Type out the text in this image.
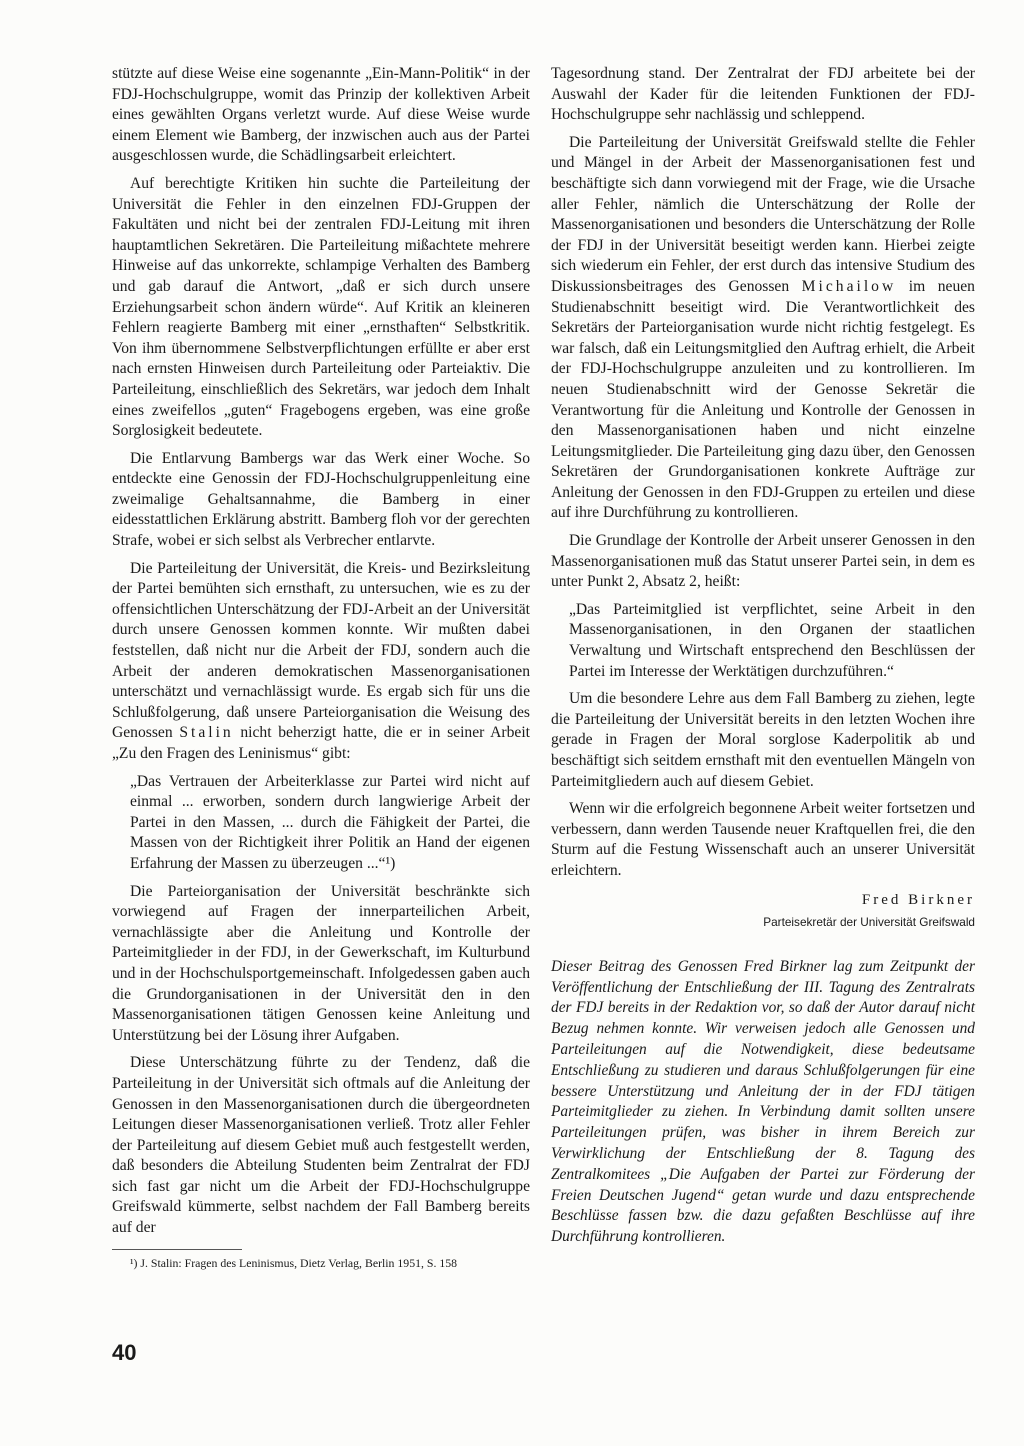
stützte auf diese Weise eine sogenannte „Ein-Mann-Politik“ in der FDJ-Hochschulgruppe, womit das Prinzip der kollektiven Arbeit eines gewählten Organs verletzt wurde. Auf diese Weise wurde einem Element wie Bamberg, der inzwischen auch aus der Partei ausgeschlossen wurde, die Schädlingsarbeit erleichtert.

Auf berechtigte Kritiken hin suchte die Parteileitung der Universität die Fehler in den einzelnen FDJ-Gruppen der Fakultäten und nicht bei der zentralen FDJ-Leitung mit ihren hauptamtlichen Sekretären. Die Parteileitung mißachtete mehrere Hinweise auf das unkorrekte, schlampige Verhalten des Bamberg und gab darauf die Antwort, „daß er sich durch unsere Erziehungsarbeit schon ändern würde“. Auf Kritik an kleineren Fehlern reagierte Bamberg mit einer „ernsthaften“ Selbstkritik. Von ihm übernommene Selbstverpflichtungen erfüllte er aber erst nach ernsten Hinweisen durch Parteileitung oder Parteiaktiv. Die Parteileitung, einschließlich des Sekretärs, war jedoch dem Inhalt eines zweifellos „guten“ Fragebogens ergeben, was eine große Sorglosigkeit bedeutete.

Die Entlarvung Bambergs war das Werk einer Woche. So entdeckte eine Genossin der FDJ-Hochschulgruppenleitung eine zweimalige Gehaltsannahme, die Bamberg in einer eidesstattlichen Erklärung abstritt. Bamberg floh vor der gerechten Strafe, wobei er sich selbst als Verbrecher entlarvte.

Die Parteileitung der Universität, die Kreis- und Bezirksleitung der Partei bemühten sich ernsthaft, zu untersuchen, wie es zu der offensichtlichen Unterschätzung der FDJ-Arbeit an der Universität durch unsere Genossen kommen konnte. Wir mußten dabei feststellen, daß nicht nur die Arbeit der FDJ, sondern auch die Arbeit der anderen demokratischen Massenorganisationen unterschätzt und vernachlässigt wurde. Es ergab sich für uns die Schlußfolgerung, daß unsere Parteiorganisation die Weisung des Genossen Stalin nicht beherzigt hatte, die er in seiner Arbeit „Zu den Fragen des Leninismus“ gibt:

„Das Vertrauen der Arbeiterklasse zur Partei wird nicht auf einmal ... erworben, sondern durch langwierige Arbeit der Partei in den Massen, ... durch die Fähigkeit der Partei, die Massen von der Richtigkeit ihrer Politik an Hand der eigenen Erfahrung der Massen zu überzeugen ...“¹)

Die Parteiorganisation der Universität beschränkte sich vorwiegend auf Fragen der innerparteilichen Arbeit, vernachlässigte aber die Anleitung und Kontrolle der Parteimitglieder in der FDJ, in der Gewerkschaft, im Kulturbund und in der Hochschulsportgemeinschaft. Infolgedessen gaben auch die Grundorganisationen in der Universität den in den Massenorganisationen tätigen Genossen keine Anleitung und Unterstützung bei der Lösung ihrer Aufgaben.

Diese Unterschätzung führte zu der Tendenz, daß die Parteileitung in der Universität sich oftmals auf die Anleitung der Genossen in den Massenorganisationen durch die übergeordneten Leitungen dieser Massenorganisationen verließ. Trotz aller Fehler der Parteileitung auf diesem Gebiet muß auch festgestellt werden, daß besonders die Abteilung Studenten beim Zentralrat der FDJ sich fast gar nicht um die Arbeit der FDJ-Hochschulgruppe Greifswald kümmerte, selbst nachdem der Fall Bamberg bereits auf der

¹) J. Stalin: Fragen des Leninismus, Dietz Verlag, Berlin 1951, S. 158

Tagesordnung stand. Der Zentralrat der FDJ arbeitete bei der Auswahl der Kader für die leitenden Funktionen der FDJ-Hochschulgruppe sehr nachlässig und schleppend.

Die Parteileitung der Universität Greifswald stellte die Fehler und Mängel in der Arbeit der Massenorganisationen fest und beschäftigte sich dann vorwiegend mit der Frage, wie die Ursache aller Fehler, nämlich die Unterschätzung der Rolle der Massenorganisationen und besonders die Unterschätzung der Rolle der FDJ in der Universität beseitigt werden kann. Hierbei zeigte sich wiederum ein Fehler, der erst durch das intensive Studium des Diskussionsbeitrages des Genossen Michailow im neuen Studienabschnitt beseitigt wird. Die Verantwortlichkeit des Sekretärs der Parteiorganisation wurde nicht richtig festgelegt. Es war falsch, daß ein Leitungsmitglied den Auftrag erhielt, die Arbeit der FDJ-Hochschulgruppe anzuleiten und zu kontrollieren. Im neuen Studienabschnitt wird der Genosse Sekretär die Verantwortung für die Anleitung und Kontrolle der Genossen in den Massenorganisationen haben und nicht einzelne Leitungsmitglieder. Die Parteileitung ging dazu über, den Genossen Sekretären der Grundorganisationen konkrete Aufträge zur Anleitung der Genossen in den FDJ-Gruppen zu erteilen und diese auf ihre Durchführung zu kontrollieren.

Die Grundlage der Kontrolle der Arbeit unserer Genossen in den Massenorganisationen muß das Statut unserer Partei sein, in dem es unter Punkt 2, Absatz 2, heißt:

„Das Parteimitglied ist verpflichtet, seine Arbeit in den Massenorganisationen, in den Organen der staatlichen Verwaltung und Wirtschaft entsprechend den Beschlüssen der Partei im Interesse der Werktätigen durchzuführen.“

Um die besondere Lehre aus dem Fall Bamberg zu ziehen, legte die Parteileitung der Universität bereits in den letzten Wochen ihre gerade in Fragen der Moral sorglose Kaderpolitik ab und beschäftigt sich seitdem ernsthaft mit den eventuellen Mängeln von Parteimitgliedern auch auf diesem Gebiet.

Wenn wir die erfolgreich begonnene Arbeit weiter fortsetzen und verbessern, dann werden Tausende neuer Kraftquellen frei, die den Sturm auf die Festung Wissenschaft auch an unserer Universität erleichtern.

Fred Birkner
Parteisekretär der Universität Greifswald

Dieser Beitrag des Genossen Fred Birkner lag zum Zeitpunkt der Veröffentlichung der Entschließung der III. Tagung des Zentralrats der FDJ bereits in der Redaktion vor, so daß der Autor darauf nicht Bezug nehmen konnte. Wir verweisen jedoch alle Genossen und Parteileitungen auf die Notwendigkeit, diese bedeutsame Entschließung zu studieren und daraus Schlußfolgerungen für eine bessere Unterstützung und Anleitung der in der FDJ tätigen Parteimitglieder zu ziehen. In Verbindung damit sollten unsere Parteileitungen prüfen, was bisher in ihrem Bereich zur Verwirklichung der Entschließung der 8. Tagung des Zentralkomitees „Die Aufgaben der Partei zur Förderung der Freien Deutschen Jugend“ getan wurde und dazu entsprechende Beschlüsse fassen bzw. die dazu gefaßten Beschlüsse auf ihre Durchführung kontrollieren.

40
